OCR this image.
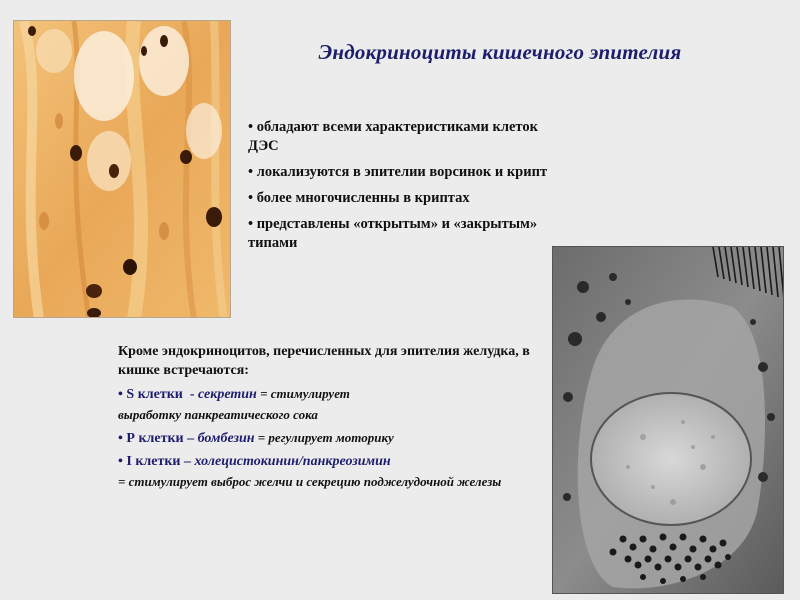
Эндокриноциты кишечного эпителия
• обладают всеми характеристиками клеток ДЭС
• локализуются в эпителии ворсинок и крипт
• более многочисленны в криптах
• представлены «открытым» и «закрытым» типами
Кроме эндокриноцитов, перечисленных для эпителия желудка, в кишке встречаются:
• S клетки  - секретин = стимулирует
выработку панкреатического сока
• Р клетки – бомбезин = регулирует моторику
• I клетки – холецистокинин/панкреозимин
= стимулирует выброс желчи и секрецию поджелудочной железы
